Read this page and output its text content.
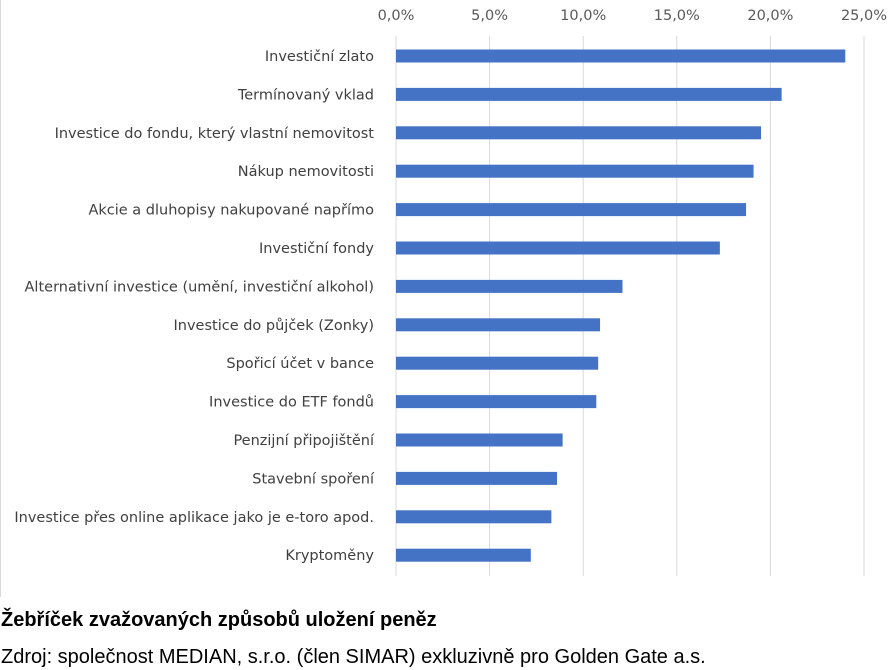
0,0%	5,0%	10,0%	15,0%	20,0%	25,0%
Investiční zlato
Termínovaný vklad
Investice do fondu, který vlastní nemovitost
Nákup nemovitosti
Akcie a dluhopisy nakupované napřímo
Investiční fondy
Alternativní investice (umění, investiční alkohol)
Investice do půjček (Zonky)
Spořicí účet v bance
Investice do ETF fondů
Penzijní připojištění
Stavební spoření
Investice přes online aplikace jako je e-toro apod.
Kryptoměny
Žebříček zvažovaných způsobů uložení peněz
Zdroj: společnost MEDIAN, s.r.o. (člen SIMAR) exkluzivně pro Golden Gate a.s.
